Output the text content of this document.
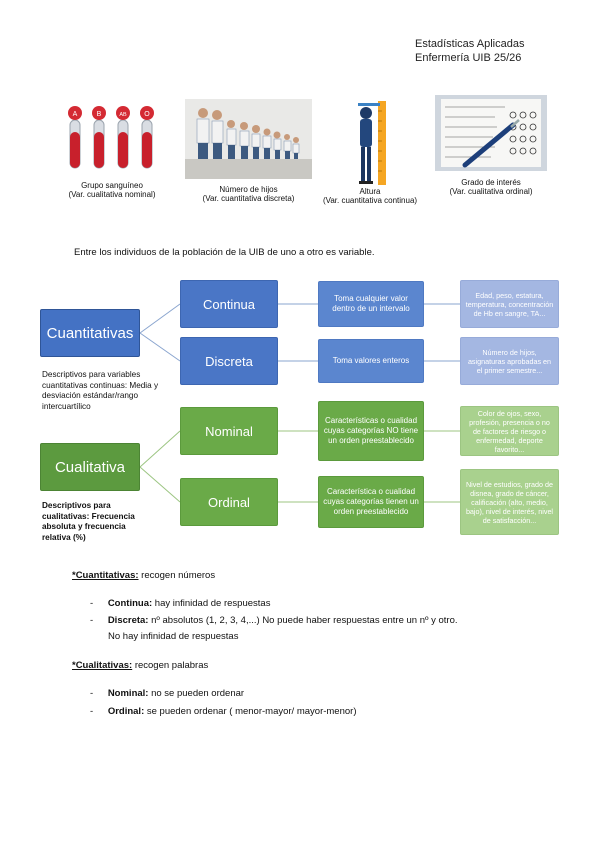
Estadísticas Aplicadas
Enfermería UIB 25/26
A	B	AB	O
Grupo sanguíneo
(Var. cualitativa nominal)
Número de hijos
(Var. cuantitativa discreta)
Altura
(Var. cuantitativa continua)
Grado de interés
(Var. cualitativa ordinal)
Entre los individuos de la población de la UIB de uno a otro es variable.
Cuantitativas
Continua
Discreta
Toma cualquier valor dentro de un intervalo
Toma valores enteros
Edad, peso, estatura, temperatura, concentración de Hb en sangre, TA...
Número de hijos, asignaturas aprobadas en el primer semestre...
Descriptivos para variables cuantitativas continuas: Media y desviación estándar/rango intercuartílico
Cualitativa
Nominal
Ordinal
Características o cualidad cuyas categorías NO tiene un orden preestablecido
Característica o cualidad cuyas categorías tienen un orden preestablecido
Color de ojos, sexo, profesión, presencia o no de factores de riesgo o enfermedad, deporte favorito...
Nivel de estudios, grado de disnea, grado de cáncer, calificación (alto, medio, bajo), nivel de interés, nivel de satisfacción...
Descriptivos para cualitativas: Frecuencia absoluta y frecuencia relativa (%)
*Cuantitativas: recogen números
- Continua: hay infinidad de respuestas
- Discreta: nº absolutos (1, 2, 3, 4,...) No puede haber respuestas entre un nº y otro.
No hay infinidad de respuestas
*Cualitativas: recogen palabras
- Nominal: no se pueden ordenar
- Ordinal: se pueden ordenar ( menor-mayor/ mayor-menor)
